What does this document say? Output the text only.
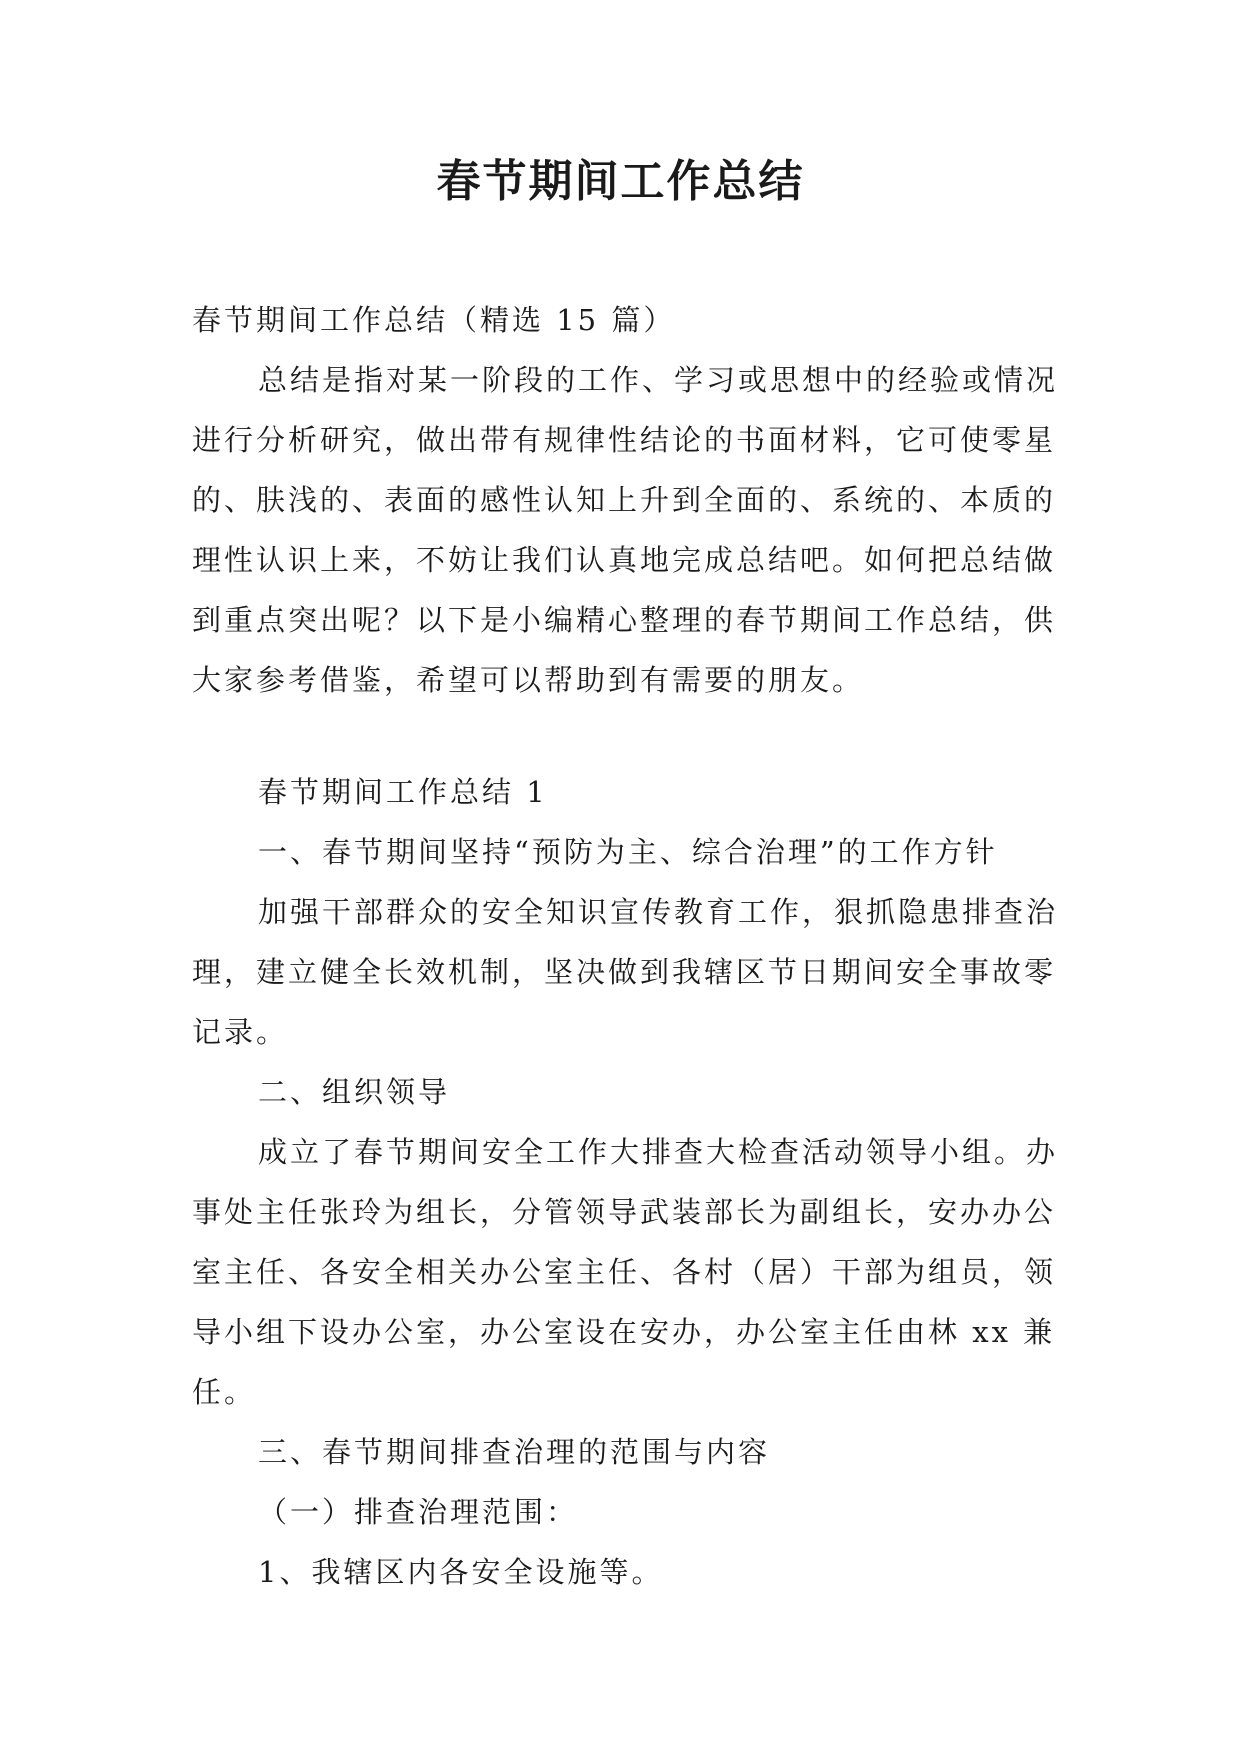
春节期间工作总结

春节期间工作总结（精选 15 篇）

总结是指对某一阶段的工作、学习或思想中的经验或情况进行分析研究，做出带有规律性结论的书面材料，它可使零星的、肤浅的、表面的感性认知上升到全面的、系统的、本质的理性认识上来，不妨让我们认真地完成总结吧。如何把总结做到重点突出呢？以下是小编精心整理的春节期间工作总结，供大家参考借鉴，希望可以帮助到有需要的朋友。

春节期间工作总结 1

一、春节期间坚持“预防为主、综合治理”的工作方针

加强干部群众的安全知识宣传教育工作，狠抓隐患排查治理，建立健全长效机制，坚决做到我辖区节日期间安全事故零记录。

二、组织领导

成立了春节期间安全工作大排查大检查活动领导小组。办事处主任张玲为组长，分管领导武装部长为副组长，安办办公室主任、各安全相关办公室主任、各村（居）干部为组员，领导小组下设办公室，办公室设在安办，办公室主任由林 xx 兼任。

三、春节期间排查治理的范围与内容

（一）排查治理范围：

1、我辖区内各安全设施等。
